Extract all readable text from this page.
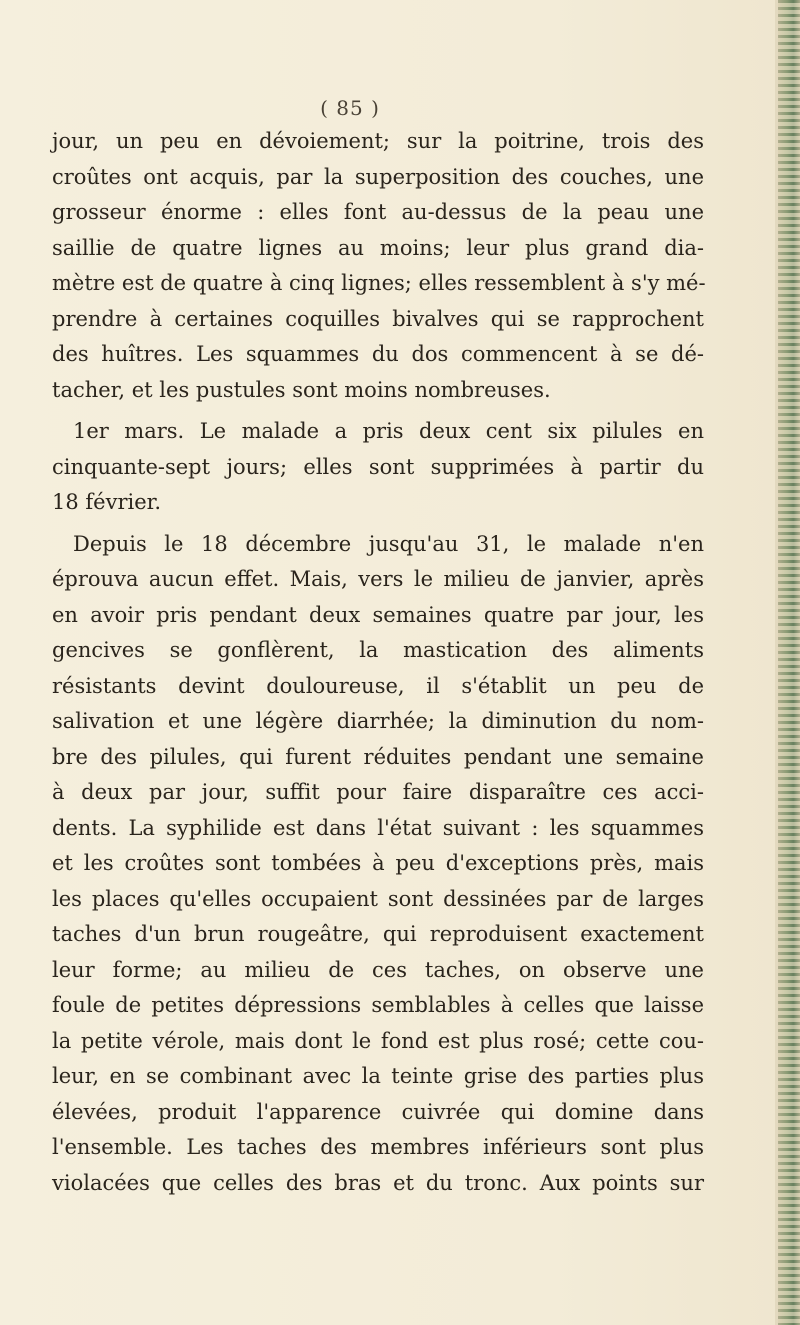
( 85 )
jour, un peu en dévoiement; sur la poitrine, trois des
croûtes ont acquis, par la superposition des couches, une
grosseur énorme : elles font au-dessus de la peau une
saillie de quatre lignes au moins; leur plus grand dia-
mètre est de quatre à cinq lignes; elles ressemblent à s'y mé-
prendre à certaines coquilles bivalves qui se rapprochent
des huîtres. Les squammes du dos commencent à se dé-
tacher, et les pustules sont moins nombreuses.
1er mars. Le malade a pris deux cent six pilules en
cinquante-sept jours; elles sont supprimées à partir du
18 février.
Depuis le 18 décembre jusqu'au 31, le malade n'en
éprouva aucun effet. Mais, vers le milieu de janvier, après
en avoir pris pendant deux semaines quatre par jour, les
gencives se gonflèrent, la mastication des aliments
résistants devint douloureuse, il s'établit un peu de
salivation et une légère diarrhée; la diminution du nom-
bre des pilules, qui furent réduites pendant une semaine
à deux par jour, suffit pour faire disparaître ces acci-
dents. La syphilide est dans l'état suivant : les squammes
et les croûtes sont tombées à peu d'exceptions près, mais
les places qu'elles occupaient sont dessinées par de larges
taches d'un brun rougeâtre, qui reproduisent exactement
leur forme; au milieu de ces taches, on observe une
foule de petites dépressions semblables à celles que laisse
la petite vérole, mais dont le fond est plus rosé; cette cou-
leur, en se combinant avec la teinte grise des parties plus
élevées, produit l'apparence cuivrée qui domine dans
l'ensemble. Les taches des membres inférieurs sont plus
violacées que celles des bras et du tronc. Aux points sur
